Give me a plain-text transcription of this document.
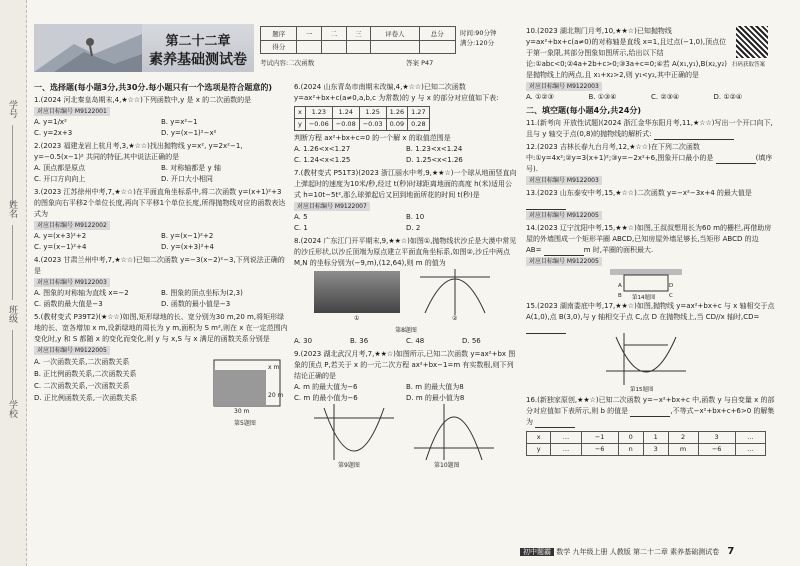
学号
姓名
班级
学校
第二十二章
素养基础测试卷
题序	一	二	三	评卷人	总分
得分					
时间:90分钟
满分:120分
考试内容:二次函数	答案 P47
一、选择题(每小题3分,共30分.每小题只有一个选项是符合题意的)
1.(2024 河北秦皇岛期末,4,★☆☆)下列函数中,y 是 x 的二次函数的是
对应目标编号 M9122001
A. y=1/x²	B. y=x²−1
C. y=2x+3	D. y=(x−1)²−x²
2.(2023 福建龙岩上杭月考,3,★☆☆)找出抛物线 y=x², y=2x²−1, y=−0.5(x−1)² 共同的特征,其中说法正确的是
A. 顶点都是原点	B. 对称轴都是 y 轴
C. 开口方向向上	D. 开口大小相同
3.(2023 江苏徐州中考,7,★☆☆)在平面直角坐标系中,将二次函数 y=(x+1)²+3 的图象向右平移2个单位长度,再向下平移1个单位长度,所得抛物线对应的函数表达式为
对应目标编号 M9122002
A. y=(x+3)²+2	B. y=(x−1)²+2
C. y=(x−1)²+4	D. y=(x+3)²+4
4.(2023 甘肃兰州中考,7,★☆☆)已知二次函数 y=−3(x−2)²−3,下列说法正确的是
对应目标编号 M9122003
A. 图象的对称轴为直线 x=−2	B. 图象的顶点坐标为(2,3)
C. 函数的最大值是−3	D. 函数的最小值是−3
5.(教材变式 P39T2)(★☆☆)如图,矩形绿地的长、宽分别为30 m,20 m,将矩形绿地的长、宽各增加 x m,设新绿地的周长为 y m,面积为 S m²,则在 x 在一定范围内变化时,y 和 S 都随 x 的变化而变化,则 y 与 x,S 与 x 满足的函数关系分别是
对应目标编号 M9122005
A. 一次函数关系,二次函数关系
B. 正比例函数关系,二次函数关系
C. 二次函数关系,一次函数关系
D. 正比例函数关系,一次函数关系
30 m
20 m
x m
第5题图
6.(2024 山东青岛市南期末改编,4,★☆☆)已知二次函数 y=ax²+bx+c(a≠0,a,b,c 为常数)的 y 与 x 的部分对应值如下表:
x	1.23	1.24	1.25	1.26	1.27
y	−0.06	−0.08	−0.03	0.09	0.28
判断方程 ax²+bx+c=0 的一个解 x 的取值范围是
A. 1.26<x<1.27	B. 1.23<x<1.24
C. 1.24<x<1.25	D. 1.25<x<1.26
7.(教材变式 P51T3)(2023 浙江丽水中考,9,★★☆)一个球从地面竖直向上弹起时的速度为10米/秒,经过 t(秒)时球距离地面的高度 h(米)适用公式 h=10t−5t²,那么球弹起后又回到地面所花的时间 t(秒)是
对应目标编号 M9122007
A. 5	B. 10
C. 1	D. 2
8.(2024 广东江门开平期末,9,★★☆)如图①,抛物线状沙丘是大漠中常见的沙丘形状,以沙丘顶端为原点建立平面直角坐标系,如图②,沙丘中两点 M,N 的坐标分别为(−9,m),(12,64),则 m 的值为
①	②
第8题图
A. 30	B. 36	C. 48	D. 56
9.(2023 湖北武汉月考,7,★★☆)如图所示,已知二次函数 y=ax²+bx 图象的顶点 P,若关于 x 的一元二次方程 ax²+bx−1=m 有实数根,则下列结论正确的是
A. m 的最大值为−6	B. m 的最大值为8
C. m 的最小值为−6	D. m 的最小值为8
第9题图	第10题图
10.(2023 湖北荆门月考,10,★★☆)已知抛物线 y=ax²+bx+c(a≠0)的对称轴是直线 x=1,且过点(−1,0),顶点位于第一象限,其部分图象如图所示,给出以下结论:①abc<0;②4a+2b+c>0;③3a+c=0;④若 A(x₁,y₁),B(x₂,y₂)是抛物线上的两点,且 x₁+x₂>2,则 y₁<y₂,其中正确的是
扫码获取答案
对应目标编号 M9122003
A. ①②③	B. ①③④	C. ②③④	D. ①②④
二、填空题(每小题4分,共24分)
11.(新考向 开放性试题)(2024 浙江金华东阳月考,11,★☆☆)写出一个开口向下,且与 y 轴交于点(0,8)的抛物线的解析式:
12.(2023 吉林长春九台月考,12,★☆☆)在下列二次函数中:①y=4x²;②y=3(x+1)²;③y=−2x²+6,图象开口最小的是	(填序号).
对应目标编号 M9122003
13.(2023 山东泰安中考,15,★☆☆)二次函数 y=−x²−3x+4 的最大值是
对应目标编号 M9122005
14.(2023 辽宁沈阳中考,15,★★☆)如图,王叔叔想用长为60 m的栅栏,再借助房屋的外墙围成一个矩形羊圈 ABCD,已知房屋外墙足够长,当矩形 ABCD 的边 AB=	m 时,羊圈的面积最大.
对应目标编号 M9122005
A
B	C
D
第14题图
15.(2023 湖南娄底中考,17,★★☆)如图,抛物线 y=ax²+bx+c 与 x 轴相交于点 A(1,0),点 B(3,0),与 y 轴相交于点 C,点 D 在抛物线上,当 CD//x 轴时,CD=
第15题图
16.(新独家原创,★★☆)已知二次函数 y=−x²+bx+c 中,函数 y 与自变量 x 的部分对应值如下表所示,则 b 的值是	,不等式−x²+bx+c+6>0 的解集为
x	…	−1	0	1	2	3	…
y	…	−6	n	3	m	−6	…
初中题霸 数学 九年级上册 人教版 第二十二章 素养基础测试卷 7
